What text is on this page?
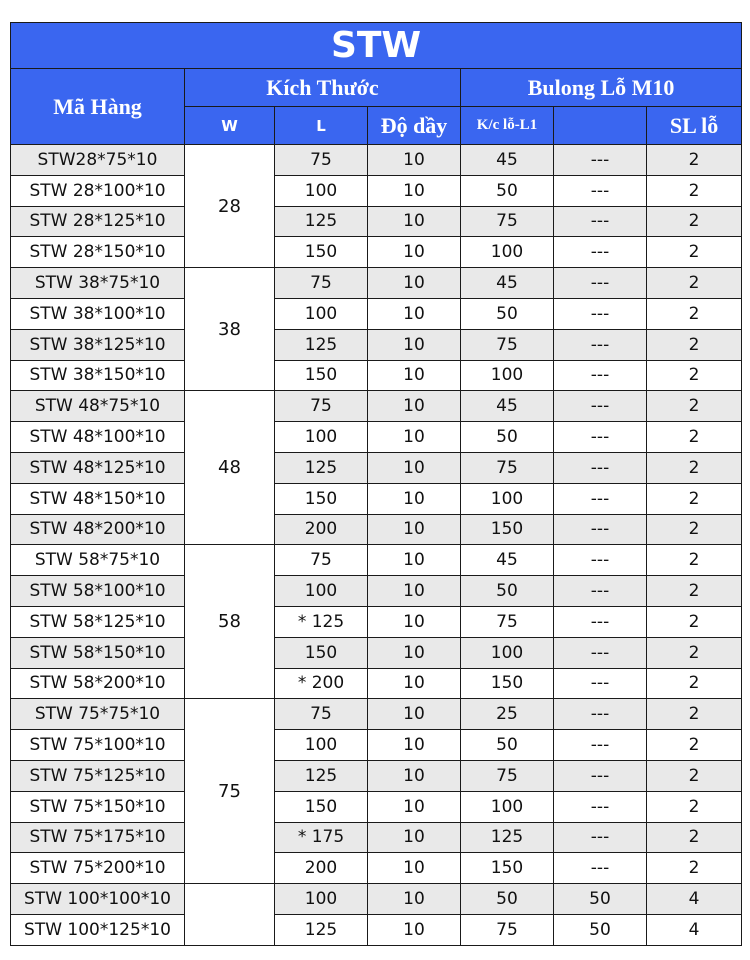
STW						
Mã Hàng	Kích Thước			Bulong Lỗ M10		
	W	L	Độ dầy	K/c lỗ-L1		SL lỗ
STW28*75*10	28	75	10	45	---	2
STW 28*100*10		100	10	50	---	2
STW 28*125*10		125	10	75	---	2
STW 28*150*10		150	10	100	---	2
STW 38*75*10	38	75	10	45	---	2
STW 38*100*10		100	10	50	---	2
STW 38*125*10		125	10	75	---	2
STW 38*150*10		150	10	100	---	2
STW 48*75*10	48	75	10	45	---	2
STW 48*100*10		100	10	50	---	2
STW 48*125*10		125	10	75	---	2
STW 48*150*10		150	10	100	---	2
STW 48*200*10		200	10	150	---	2
STW 58*75*10	58	75	10	45	---	2
STW 58*100*10		100	10	50	---	2
STW 58*125*10		* 125	10	75	---	2
STW 58*150*10		150	10	100	---	2
STW 58*200*10		* 200	10	150	---	2
STW 75*75*10	75	75	10	25	---	2
STW 75*100*10		100	10	50	---	2
STW 75*125*10		125	10	75	---	2
STW 75*150*10		150	10	100	---	2
STW 75*175*10		* 175	10	125	---	2
STW 75*200*10		200	10	150	---	2
STW 100*100*10		100	10	50	50	4
STW 100*125*10		125	10	75	50	4
